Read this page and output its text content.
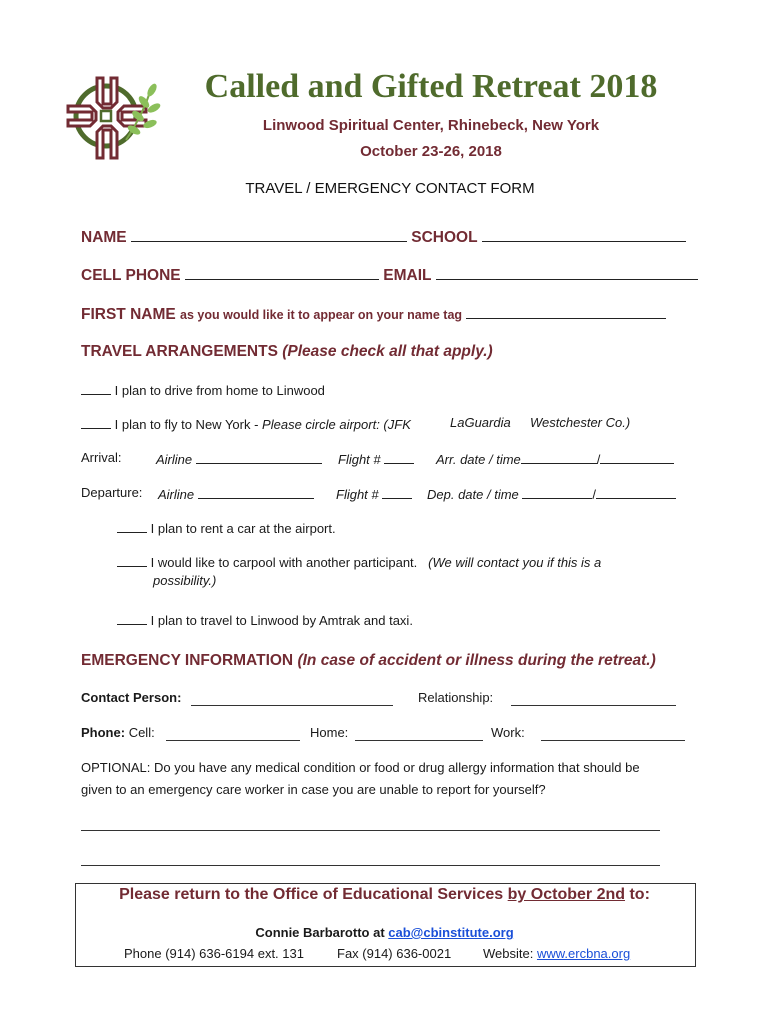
Called and Gifted Retreat 2018
Linwood Spiritual Center, Rhinebeck, New York
October 23-26, 2018
TRAVEL / EMERGENCY CONTACT FORM
NAME	SCHOOL
CELL PHONE	EMAIL
FIRST NAME as you would like it to appear on your name tag
TRAVEL ARRANGEMENTS (Please check all that apply.)
I plan to drive from home to Linwood
I plan to fly to New York - Please circle airport: (JFK	LaGuardia Westchester Co.)
Arrival:	Airline	Flight #	Arr. date / time	/
Departure: Airline	Flight #	Dep. date / time	/
I plan to rent a car at the airport.
I would like to carpool with another participant. (We will contact you if this is a
possibility.)
I plan to travel to Linwood by Amtrak and taxi.
EMERGENCY INFORMATION (In case of accident or illness during the retreat.)
Contact Person:	Relationship:
Phone: Cell:	Home:	Work:
OPTIONAL: Do you have any medical condition or food or drug allergy information that should be
given to an emergency care worker in case you are unable to report for yourself?
Please return to the Office of Educational Services by October 2nd to:
Connie Barbarotto at cab@cbinstitute.org
Phone (914) 636-6194 ext. 131	Fax (914) 636-0021 Website: www.ercbna.org
